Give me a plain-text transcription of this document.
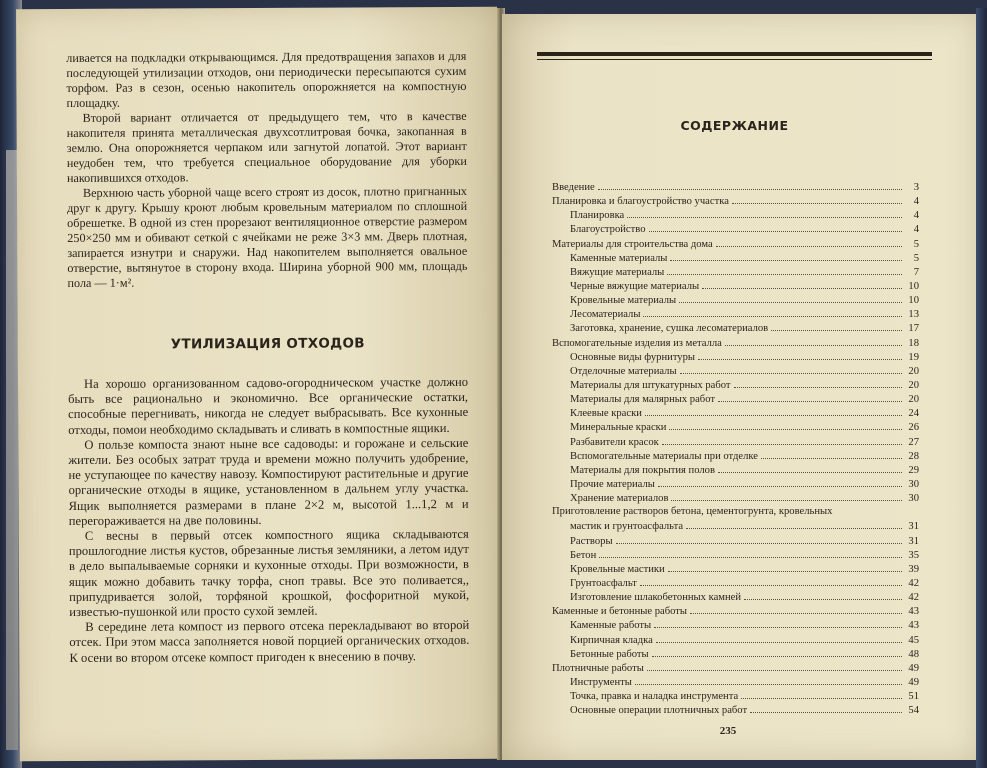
ливается на подкладки открывающимся. Для предотвращения запахов и для последующей утилизации отходов, они периодически пересыпаются сухим торфом. Раз в сезон, осенью накопитель опорожняется на компостную площадку.

Второй вариант отличается от предыдущего тем, что в качестве накопителя принята металлическая двухсотлитровая бочка, закопанная в землю. Она опорожняется черпаком или загнутой лопатой. Этот вариант неудобен тем, что требуется специальное оборудование для уборки накопившихся отходов.

Верхнюю часть уборной чаще всего строят из досок, плотно пригнанных друг к другу. Крышу кроют любым кровельным материалом по сплошной обрешетке. В одной из стен прорезают вентиляционное отверстие размером 250×250 мм и обивают сеткой с ячейками не реже 3×3 мм. Дверь плотная, запирается изнутри и снаружи. Над накопителем выполняется овальное отверстие, вытянутое в сторону входа. Ширина уборной 900 мм, площадь пола — 1·м².

УТИЛИЗАЦИЯ ОТХОДОВ

На хорошо организованном садово-огородническом участке должно быть все рационально и экономично. Все органические остатки, способные перегнивать, никогда не следует выбрасывать. Все кухонные отходы, помои необходимо складывать и сливать в компостные ящики.

О пользе компоста знают ныне все садоводы: и горожане и сельские жители. Без особых затрат труда и времени можно получить удобрение, не уступающее по качеству навозу. Компостируют растительные и другие органические отходы в ящике, установленном в дальнем углу участка. Ящик выполняется размерами в плане 2×2 м, высотой 1...1,2 м и перегораживается на две половины.

С весны в первый отсек компостного ящика складываются прошлогодние листья кустов, обрезанные листья земляники, а летом идут в дело выпалываемые сорняки и кухонные отходы. При возможности, в ящик можно добавить тачку торфа, сноп травы. Все это поливается,, припудривается золой, торфяной крошкой, фосфоритной мукой, известью-пушонкой или просто сухой землей.

В середине лета компост из первого отсека перекладывают во второй отсек. При этом масса заполняется новой порцией органических отходов. К осени во втором отсеке компост пригоден к внесению в почву.

СОДЕРЖАНИЕ
Введение	3
Планировка и благоустройство участка	4
Планировка	4
Благоустройство	4
Материалы для строительства дома	5
Каменные материалы	5
Вяжущие материалы	7
Черные вяжущие материалы	10
Кровельные материалы	10
Лесоматериалы	13
Заготовка, хранение, сушка лесоматериалов	17
Вспомогательные изделия из металла	18
Основные виды фурнитуры	19
Отделочные материалы	20
Материалы для штукатурных работ	20
Материалы для малярных работ	20
Клеевые краски	24
Минеральные краски	26
Разбавители красок	27
Вспомогательные материалы при отделке	28
Материалы для покрытия полов	29
Прочие материалы	30
Хранение материалов	30
Приготовление растворов бетона, цементогрунта, кровельных
мастик и грунтоасфальта	31
Растворы	31
Бетон	35
Кровельные мастики	39
Грунтоасфальт	42
Изготовление шлакобетонных камней	42
Каменные и бетонные работы	43
Каменные работы	43
Кирпичная кладка	45
Бетонные работы	48
Плотничные работы	49
Инструменты	49
Точка, правка и наладка инструмента	51
Основные операции плотничных работ	54
235
